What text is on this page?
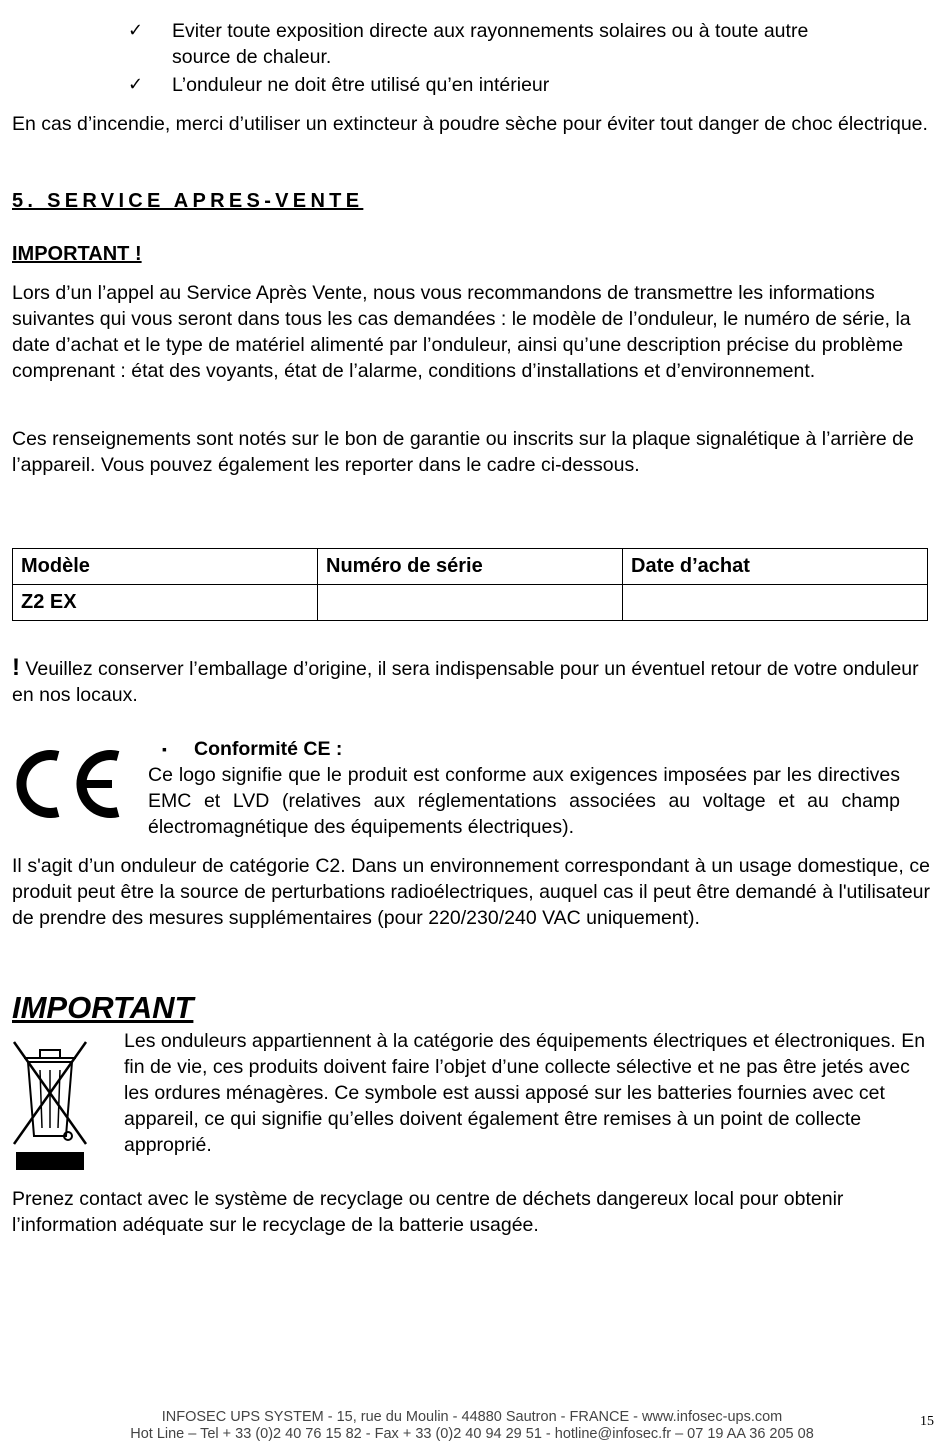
✓ Eviter toute exposition directe aux rayonnements solaires ou à toute autre
source de chaleur.
✓ L’onduleur ne doit être utilisé qu’en intérieur

En cas d’incendie, merci d’utiliser un extincteur à poudre sèche pour éviter tout danger de choc électrique.

5. SERVICE APRES-VENTE
IMPORTANT !

Lors d’un l’appel au Service Après Vente, nous vous recommandons de transmettre les informations suivantes qui vous seront dans tous les cas demandées : le modèle de l’onduleur, le numéro de série, la date d’achat et le type de matériel alimenté par l’onduleur, ainsi qu’une description précise du problème comprenant : état des voyants, état de l’alarme, conditions d’installations et d’environnement.

Ces renseignements sont notés sur le bon de garantie ou inscrits sur la plaque signalétique à l’arrière de l’appareil. Vous pouvez également les reporter dans le cadre ci-dessous.

Modèle	Numéro de série	Date d’achat
Z2 EX		

! Veuillez conserver l’emballage d’origine, il sera indispensable pour un éventuel retour de votre onduleur en nos locaux.

▪ Conformité CE :
Ce logo signifie que le produit est conforme aux exigences imposées par les directives EMC et LVD (relatives aux réglementations associées au voltage et au champ électromagnétique des équipements électriques).

Il s'agit d’un onduleur de catégorie C2. Dans un environnement correspondant à un usage domestique, ce produit peut être la source de perturbations radioélectriques, auquel cas il peut être demandé à l'utilisateur de prendre des mesures supplémentaires (pour 220/230/240 VAC uniquement).

IMPORTANT
Les onduleurs appartiennent à la catégorie des équipements électriques et électroniques. En fin de vie, ces produits doivent faire l’objet d’une collecte sélective et ne pas être jetés avec les ordures ménagères. Ce symbole est aussi apposé sur les batteries fournies avec cet appareil, ce qui signifie qu’elles doivent également être remises à un point de collecte approprié.

Prenez contact avec le système de recyclage ou centre de déchets dangereux local pour obtenir l’information adéquate sur le recyclage de la batterie usagée.

INFOSEC UPS SYSTEM - 15, rue du Moulin - 44880 Sautron - FRANCE - www.infosec-ups.com
Hot Line – Tel + 33 (0)2 40 76 15 82 - Fax + 33 (0)2 40 94 29 51 - hotline@infosec.fr – 07 19 AA 36 205 08
15
